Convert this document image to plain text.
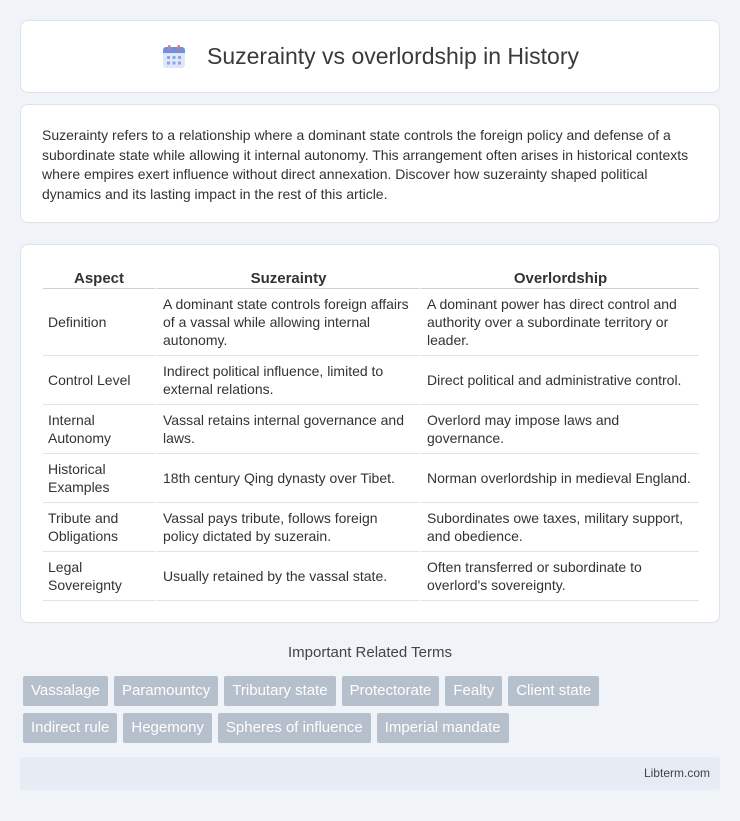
Suzerainty vs overlordship in History

Suzerainty refers to a relationship where a dominant state controls the foreign policy and defense of a subordinate state while allowing it internal autonomy. This arrangement often arises in historical contexts where empires exert influence without direct annexation. Discover how suzerainty shaped political dynamics and its lasting impact in the rest of this article.

Aspect	Suzerainty	Overlordship
Definition	A dominant state controls foreign affairs of a vassal while allowing internal autonomy.	A dominant power has direct control and authority over a subordinate territory or leader.
Control Level	Indirect political influence, limited to external relations.	Direct political and administrative control.
Internal Autonomy	Vassal retains internal governance and laws.	Overlord may impose laws and governance.
Historical Examples	18th century Qing dynasty over Tibet.	Norman overlordship in medieval England.
Tribute and Obligations	Vassal pays tribute, follows foreign policy dictated by suzerain.	Subordinates owe taxes, military support, and obedience.
Legal Sovereignty	Usually retained by the vassal state.	Often transferred or subordinate to overlord's sovereignty.
Important Related Terms
Vassalage	Paramountcy	Tributary state	Protectorate	Fealty	Client state
Indirect rule	Hegemony	Spheres of influence	Imperial mandate
Libterm.com
